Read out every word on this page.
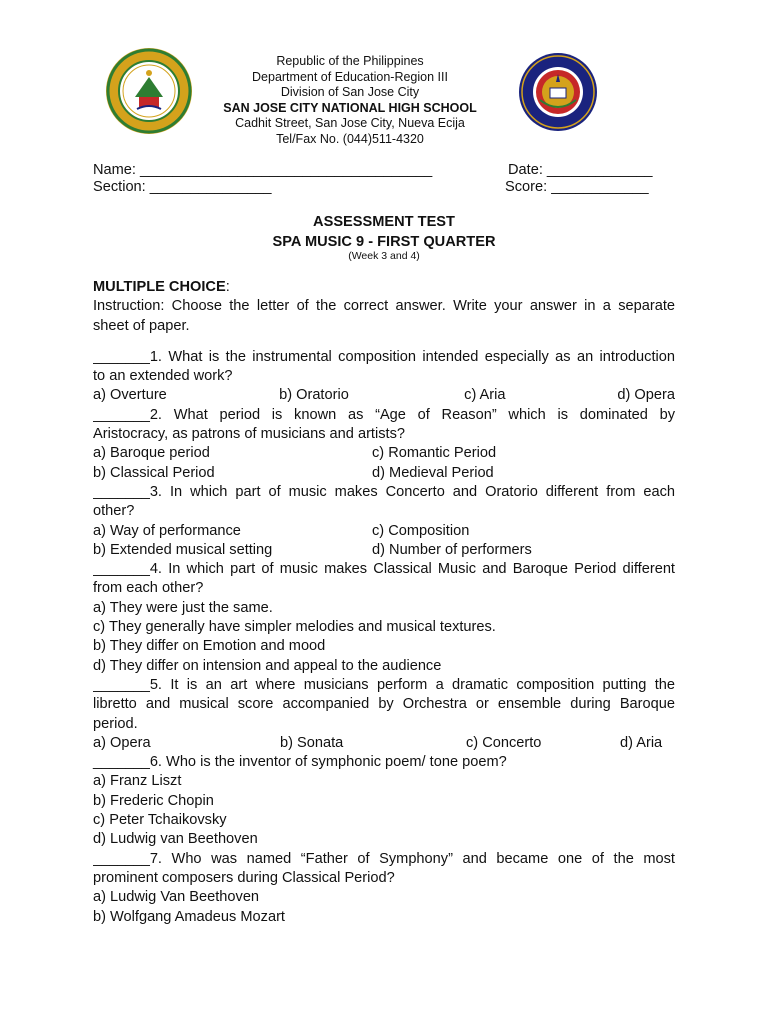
Republic of the Philippines
Department of Education-Region III
Division of San Jose City
SAN JOSE CITY NATIONAL HIGH SCHOOL
Cadhit Street, San Jose City, Nueva Ecija
Tel/Fax No. (044)511-4320
Name: ____________________________________	Date: _____________
Section: _______________	Score: ____________
ASSESSMENT TEST
SPA MUSIC 9 - FIRST QUARTER
(Week 3 and 4)
MULTIPLE CHOICE:
Instruction: Choose the letter of the correct answer. Write your answer in a separate
sheet of paper.
_______1. What is the instrumental composition intended especially as an introduction
to an extended work?
a) Overture	b) Oratorio	c) Aria	d) Opera
_______2. What period is known as “Age of Reason” which is dominated by
Aristocracy, as patrons of musicians and artists?
a) Baroque period	c) Romantic Period
b) Classical Period	d) Medieval Period
_______3. In which part of music makes Concerto and Oratorio different from each
other?
a) Way of performance	c) Composition
b) Extended musical setting	d) Number of performers
_______4. In which part of music makes Classical Music and Baroque Period different
from each other?
a) They were just the same.
c) They generally have simpler melodies and musical textures.
b) They differ on Emotion and mood
d) They differ on intension and appeal to the audience
_______5. It is an art where musicians perform a dramatic composition putting the
libretto and musical score accompanied by Orchestra or ensemble during Baroque
period.
a) Opera	b) Sonata	c) Concerto	d) Aria
_______6. Who is the inventor of symphonic poem/ tone poem?
a) Franz Liszt
b) Frederic Chopin
c) Peter Tchaikovsky
d) Ludwig van Beethoven
_______7. Who was named “Father of Symphony” and became one of the most
prominent composers during Classical Period?
a) Ludwig Van Beethoven
b) Wolfgang Amadeus Mozart
